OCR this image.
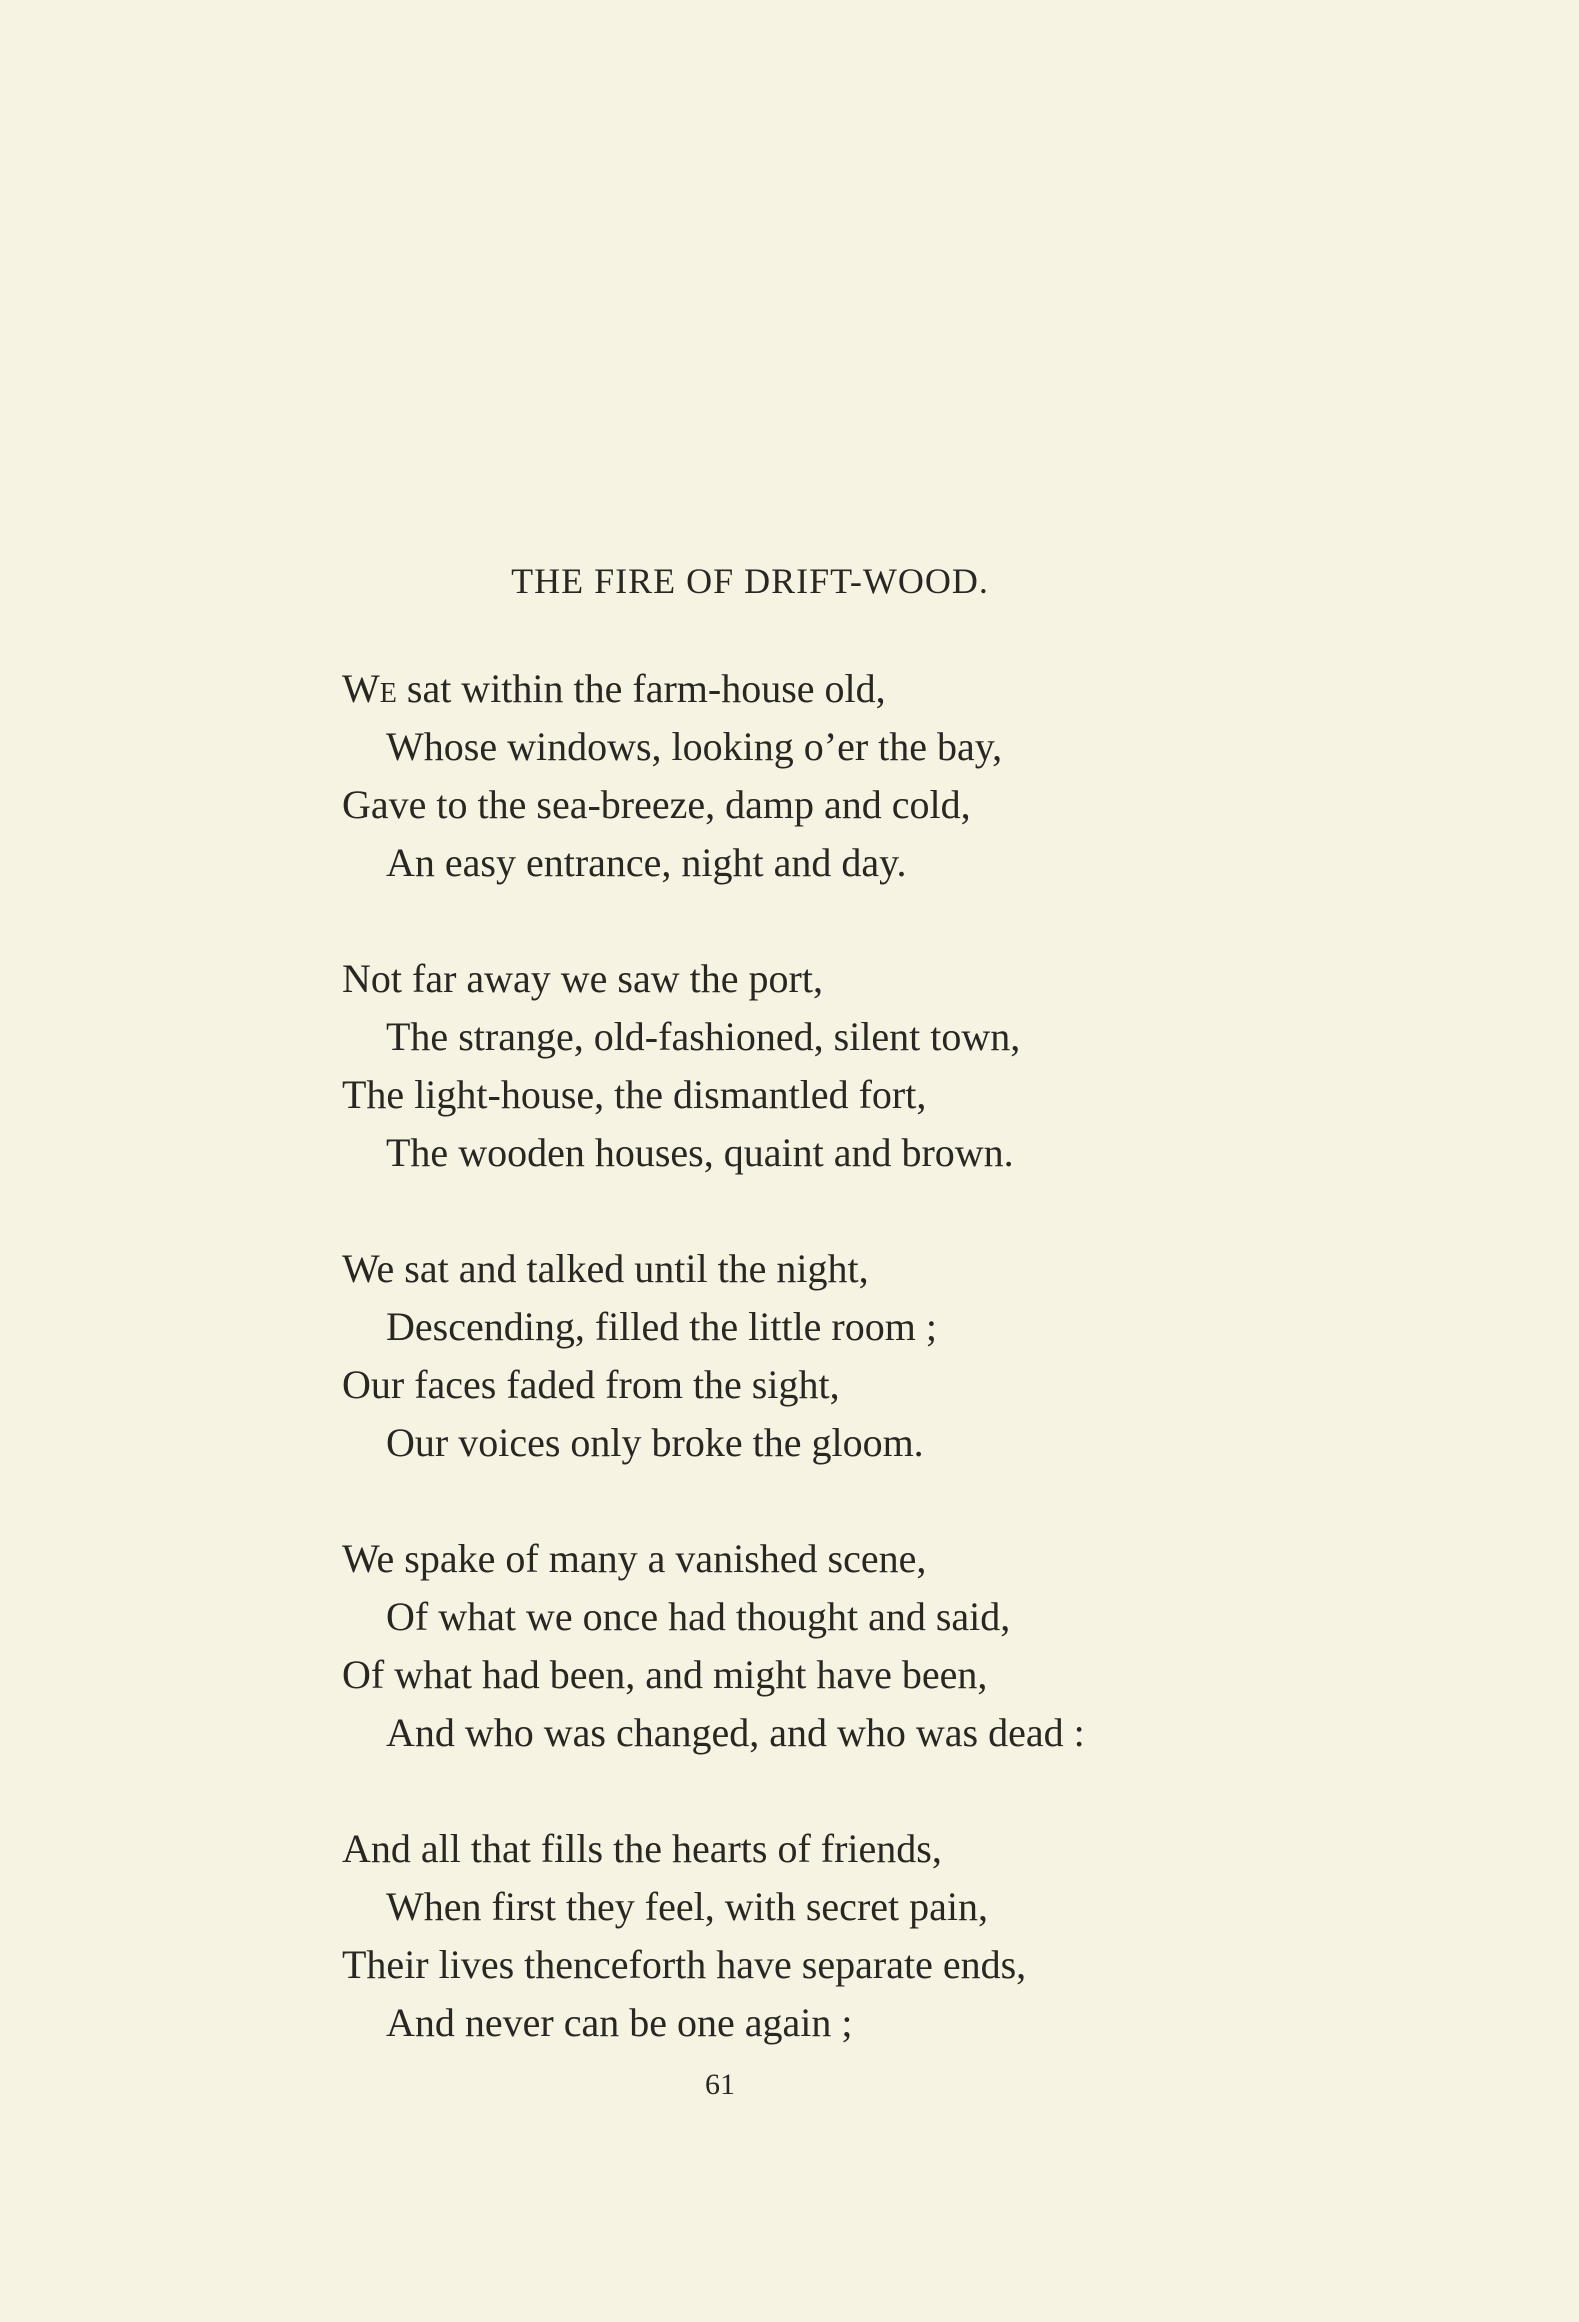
THE FIRE OF DRIFT-WOOD.
We sat within the farm-house old,
Whose windows, looking o’er the bay,
Gave to the sea-breeze, damp and cold,
An easy entrance, night and day.
Not far away we saw the port,
The strange, old-fashioned, silent town,
The light-house, the dismantled fort,
The wooden houses, quaint and brown.
We sat and talked until the night,
Descending, filled the little room ;
Our faces faded from the sight,
Our voices only broke the gloom.
We spake of many a vanished scene,
Of what we once had thought and said,
Of what had been, and might have been,
And who was changed, and who was dead :
And all that fills the hearts of friends,
When first they feel, with secret pain,
Their lives thenceforth have separate ends,
And never can be one again ;
61
